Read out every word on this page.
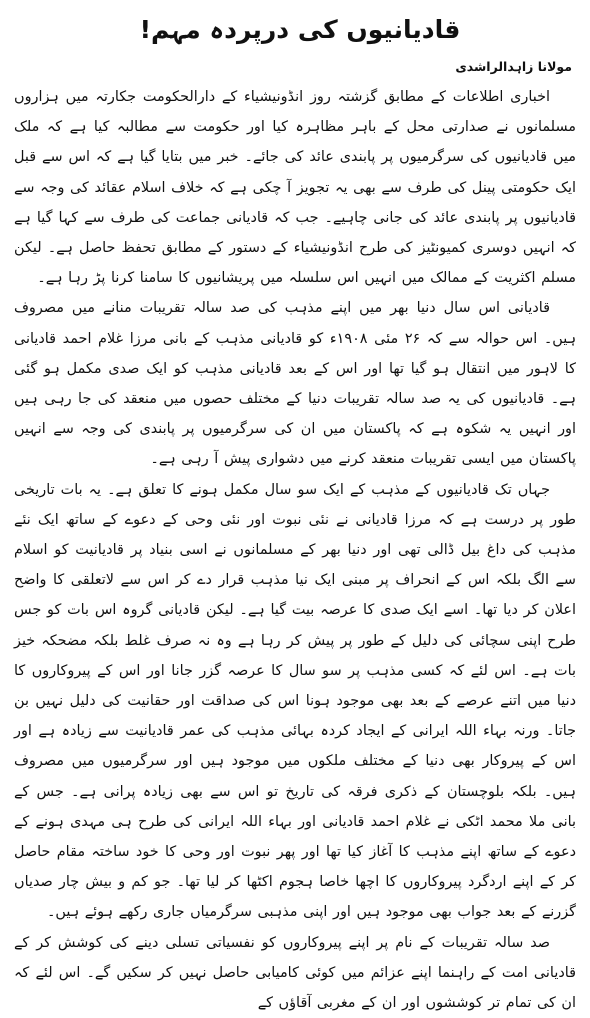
قادیانیوں کی درپردہ مہم!
مولانا زاہدالراشدی

اخباری اطلاعات کے مطابق گزشتہ روز انڈونیشیاء کے دارالحکومت جکارتہ میں ہزاروں مسلمانوں نے صدارتی محل کے باہر مظاہرہ کیا اور حکومت سے مطالبہ کیا ہے کہ ملک میں قادیانیوں کی سرگرمیوں پر پابندی عائد کی جائے۔ خبر میں بتایا گیا ہے کہ اس سے قبل ایک حکومتی پینل کی طرف سے بھی یہ تجویز آ چکی ہے کہ خلاف اسلام عقائد کی وجہ سے قادیانیوں پر پابندی عائد کی جانی چاہیے۔ جب کہ قادیانی جماعت کی طرف سے کہا گیا ہے کہ انہیں دوسری کمیونٹیز کی طرح انڈونیشیاء کے دستور کے مطابق تحفظ حاصل ہے۔ لیکن مسلم اکثریت کے ممالک میں انہیں اس سلسلہ میں پریشانیوں کا سامنا کرنا پڑ رہا ہے۔

قادیانی اس سال دنیا بھر میں اپنے مذہب کی صد سالہ تقریبات منانے میں مصروف ہیں۔ اس حوالہ سے کہ ۲۶ مئی ۱۹۰۸ء کو قادیانی مذہب کے بانی مرزا غلام احمد قادیانی کا لاہور میں انتقال ہو گیا تھا اور اس کے بعد قادیانی مذہب کو ایک صدی مکمل ہو گئی ہے۔ قادیانیوں کی یہ صد سالہ تقریبات دنیا کے مختلف حصوں میں منعقد کی جا رہی ہیں اور انہیں یہ شکوہ ہے کہ پاکستان میں ان کی سرگرمیوں پر پابندی کی وجہ سے انہیں پاکستان میں ایسی تقریبات منعقد کرنے میں دشواری پیش آ رہی ہے۔

جہاں تک قادیانیوں کے مذہب کے ایک سو سال مکمل ہونے کا تعلق ہے۔ یہ بات تاریخی طور پر درست ہے کہ مرزا قادیانی نے نئی نبوت اور نئی وحی کے دعوے کے ساتھ ایک نئے مذہب کی داغ بیل ڈالی تھی اور دنیا بھر کے مسلمانوں نے اسی بنیاد پر قادیانیت کو اسلام سے الگ بلکہ اس کے انحراف پر مبنی ایک نیا مذہب قرار دے کر اس سے لاتعلقی کا واضح اعلان کر دیا تھا۔ اسے ایک صدی کا عرصہ بیت گیا ہے۔ لیکن قادیانی گروہ اس بات کو جس طرح اپنی سچائی کی دلیل کے طور پر پیش کر رہا ہے وہ نہ صرف غلط بلکہ مضحکہ خیز بات ہے۔ اس لئے کہ کسی مذہب پر سو سال کا عرصہ گزر جانا اور اس کے پیروکاروں کا دنیا میں اتنے عرصے کے بعد بھی موجود ہونا اس کی صداقت اور حقانیت کی دلیل نہیں بن جاتا۔ ورنہ بہاء اللہ ایرانی کے ایجاد کردہ بہائی مذہب کی عمر قادیانیت سے زیادہ ہے اور اس کے پیروکار بھی دنیا کے مختلف ملکوں میں موجود ہیں اور سرگرمیوں میں مصروف ہیں۔ بلکہ بلوچستان کے ذکری فرقہ کی تاریخ تو اس سے بھی زیادہ پرانی ہے۔ جس کے بانی ملا محمد اٹکی نے غلام احمد قادیانی اور بہاء اللہ ایرانی کی طرح ہی مہدی ہونے کے دعوے کے ساتھ اپنے مذہب کا آغاز کیا تھا اور پھر نبوت اور وحی کا خود ساختہ مقام حاصل کر کے اپنے اردگرد پیروکاروں کا اچھا خاصا ہجوم اکٹھا کر لیا تھا۔ جو کم و بیش چار صدیاں گزرنے کے بعد جواب بھی موجود ہیں اور اپنی مذہبی سرگرمیاں جاری رکھے ہوئے ہیں۔

صد سالہ تقریبات کے نام پر اپنے پیروکاروں کو نفسیاتی تسلی دینے کی کوشش کر کے قادیانی امت کے راہنما اپنے عزائم میں کوئی کامیابی حاصل نہیں کر سکیں گے۔ اس لئے کہ ان کی تمام تر کوششوں اور ان کے مغربی آقاؤں کے
